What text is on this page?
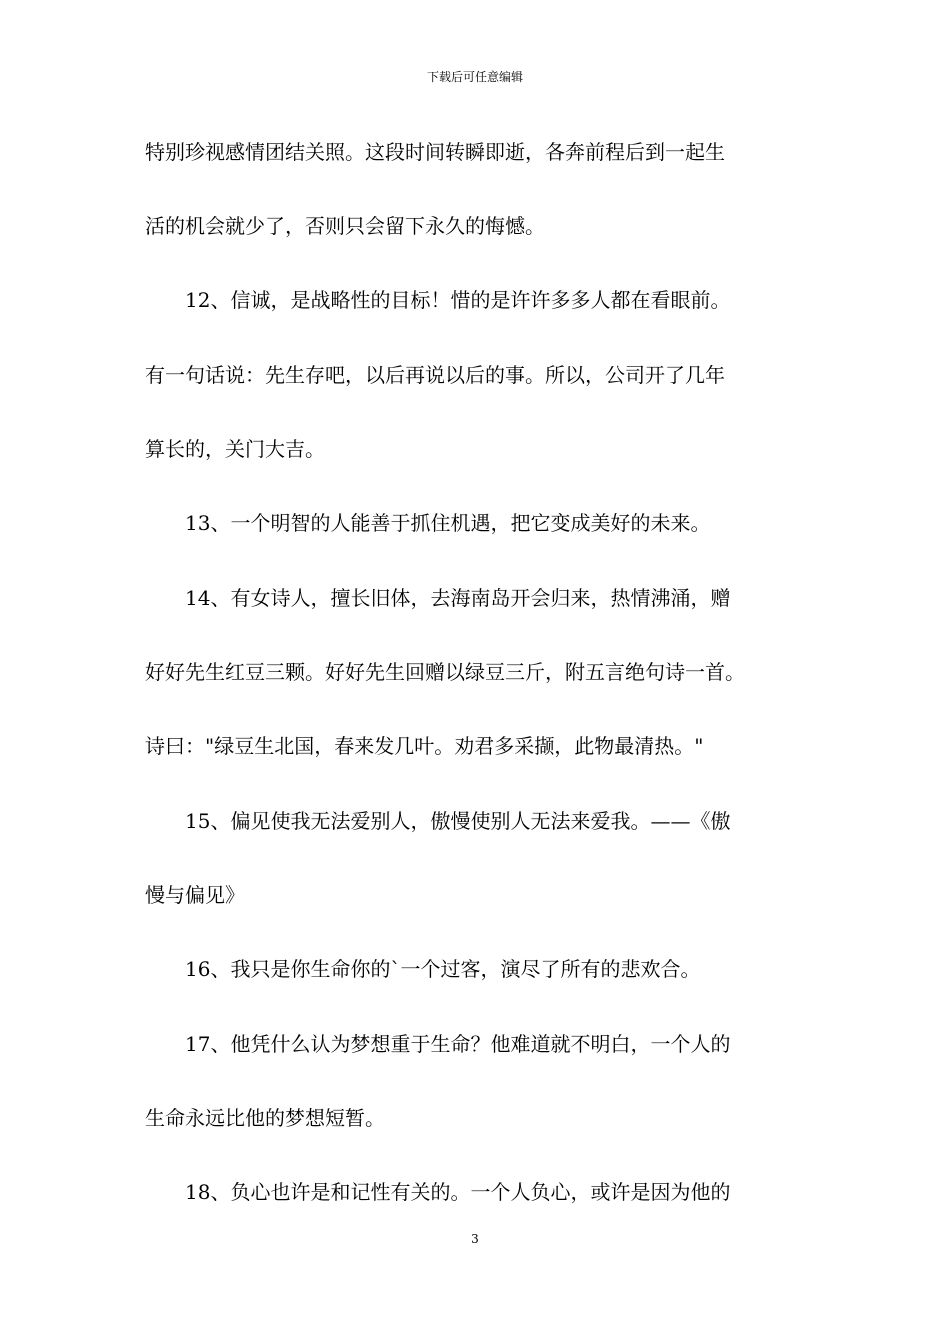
下载后可任意编辑
特别珍视感情团结关照。这段时间转瞬即逝，各奔前程后到一起生
活的机会就少了，否则只会留下永久的悔憾。
12、信诚，是战略性的目标！惜的是许许多多人都在看眼前。
有一句话说：先生存吧，以后再说以后的事。所以，公司开了几年
算长的，关门大吉。
13、一个明智的人能善于抓住机遇，把它变成美好的未来。
14、有女诗人，擅长旧体，去海南岛开会归来，热情沸涌，赠
好好先生红豆三颗。好好先生回赠以绿豆三斤，附五言绝句诗一首。
诗曰："绿豆生北国，春来发几叶。劝君多采撷，此物最清热。"
15、偏见使我无法爱别人，傲慢使别人无法来爱我。——《傲
慢与偏见》
16、我只是你生命你的`一个过客，演尽了所有的悲欢合。
17、他凭什么认为梦想重于生命？他难道就不明白，一个人的
生命永远比他的梦想短暂。
18、负心也许是和记性有关的。一个人负心，或许是因为他的
3
